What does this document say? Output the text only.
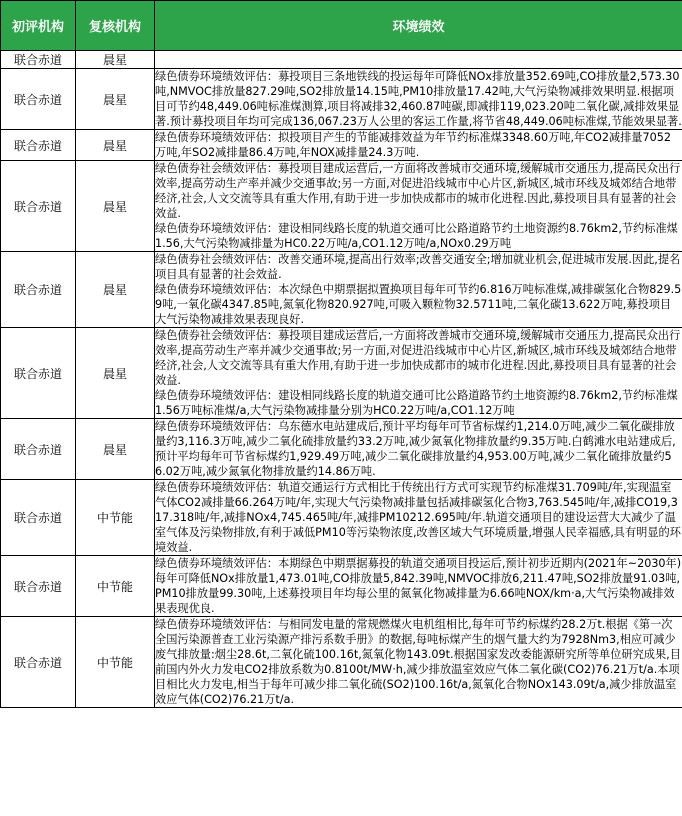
初评机构	复核机构	环境绩效
联合赤道	晨星	
联合赤道	晨星	绿色债券环境绩效评估：募投项目三条地铁线的投运每年可降低NOx排放量352.69吨,CO排放量2,573.30吨,NMVOC排放量827.29吨,SO2排放量14.15吨,PM10排放量17.42吨,大气污染物减排效果明显.根据项目可节约48,449.06吨标准煤测算,项目将减排32,460.87吨碳,即减排119,023.20吨二氧化碳,减排效果显著.预计募投项目年均可完成136,067.23万人公里的客运工作量,将节省48,449.06吨标准煤,节能效果显著.

联合赤道	晨星	绿色债券环境绩效评估：拟投项目产生的节能减排效益为年节约标准煤3348.60万吨,年CO2减排量7052万吨,年SO2减排量86.4万吨,年NOX减排量24.3万吨.

联合赤道	晨星	绿色债券社会绩效评估：募投项目建成运营后,一方面将改善城市交通环境,缓解城市交通压力,提高民众出行效率,提高劳动生产率并减少交通事故;另一方面,对促进沿线城市中心片区,新城区,城市环线及城郊结合地带经济,社会,人文交流等具有重大作用,有助于进一步加快成都市的城市化进程.因此,募投项目具有显著的社会效益.

绿色债券环境绩效评估：建设相同线路长度的轨道交通可比公路道路节约土地资源约8.76km2,节约标准煤1.56,大气污染物减排量为HC0.22万吨/a,CO1.12万吨/a,NOx0.29万吨

联合赤道	晨星	绿色债券社会绩效评估：改善交通环境,提高出行效率;改善交通安全;增加就业机会,促进城市发展.因此,提名项目具有显著的社会效益.

绿色债券环境绩效评估：本次绿色中期票据拟置换项目每年可节约6.816万吨标准煤,减排碳氢化合物829.59吨,一氧化碳4347.85吨,氮氧化物820.927吨,可吸入颗粒物32.5711吨,二氧化碳13.622万吨,募投项目大气污染物减排效果表现良好.

联合赤道	晨星	绿色债券社会绩效评估：募投项目建成运营后,一方面将改善城市交通环境,缓解城市交通压力,提高民众出行效率,提高劳动生产率并减少交通事故;另一方面,对促进沿线城市中心片区,新城区,城市环线及城郊结合地带经济,社会,人文交流等具有重大作用,有助于进一步加快成都市的城市化进程.因此,募投项目具有显著的社会效益.

绿色债券环境绩效评估：建设相同线路长度的轨道交通可比公路道路节约土地资源约8.76km2,节约标准煤1.56万吨标准煤/a,大气污染物减排量分别为HC0.22万吨/a,CO1.12万吨

联合赤道	晨星	绿色债券环境绩效评估：乌东德水电站建成后,预计平均每年可节省标煤约1,214.0万吨,减少二氧化碳排放量约3,116.3万吨,减少二氧化硫排放量约33.2万吨,减少氮氧化物排放量约9.35万吨.白鹤滩水电站建成后,预计平均每年可节省标煤约1,929.49万吨,减少二氧化碳排放量约4,953.00万吨,减少二氧化硫排放量约56.02万吨,减少氮氧化物排放量约14.86万吨.

联合赤道	中节能	绿色债券环境绩效评估：轨道交通运行方式相比于传统出行方式可实现节约标准煤31.709吨/年,实现温室气体CO2减排量66.264万吨/年,实现大气污染物减排量包括减排碳氢化合物3,763.545吨/年,减排CO19,317.318吨/年,减排NOx4,745.465吨/年,减排PM10212.695吨/年.轨道交通项目的建设运营大大减少了温室气体及污染物排放,有利于减低PM10等污染物浓度,改善区域大气环境质量,增强人民幸福感,具有明显的环境效益.

联合赤道	中节能	绿色债券环境绩效评估：本期绿色中期票据募投的轨道交通项目投运后,预计初步近期内(2021年~2030年)每年可降低NOx排放量1,473.01吨,CO排放量5,842.39吨,NMVOC排放6,211.47吨,SO2排放量91.03吨,PM10排放量99.30吨,上述募投项目年均每公里的氮氧化物减排量为6.66吨NOX/km·a,大气污染物减排效果表现优良.

联合赤道	中节能	绿色债券环境绩效评估：与相同发电量的常规燃煤火电机组相比,每年可节约标煤约28.2万t.根据《第一次全国污染源普查工业污染源产排污系数手册》的数据,每吨标煤产生的烟气量大约为7928Nm3,相应可减少废气排放量:烟尘28.6t,二氧化硫100.16t,氮氧化物143.09t.根据国家发改委能源研究所等单位研究成果,目前国内外火力发电CO2排放系数为0.8100t/MW·h,减少排放温室效应气体二氧化碳(CO2)76.21万t/a.本项目相比火力发电,相当于每年可减少排二氧化硫(SO2)100.16t/a,氮氧化合物NOx143.09t/a,减少排放温室效应气体(CO2)76.21万t/a.
